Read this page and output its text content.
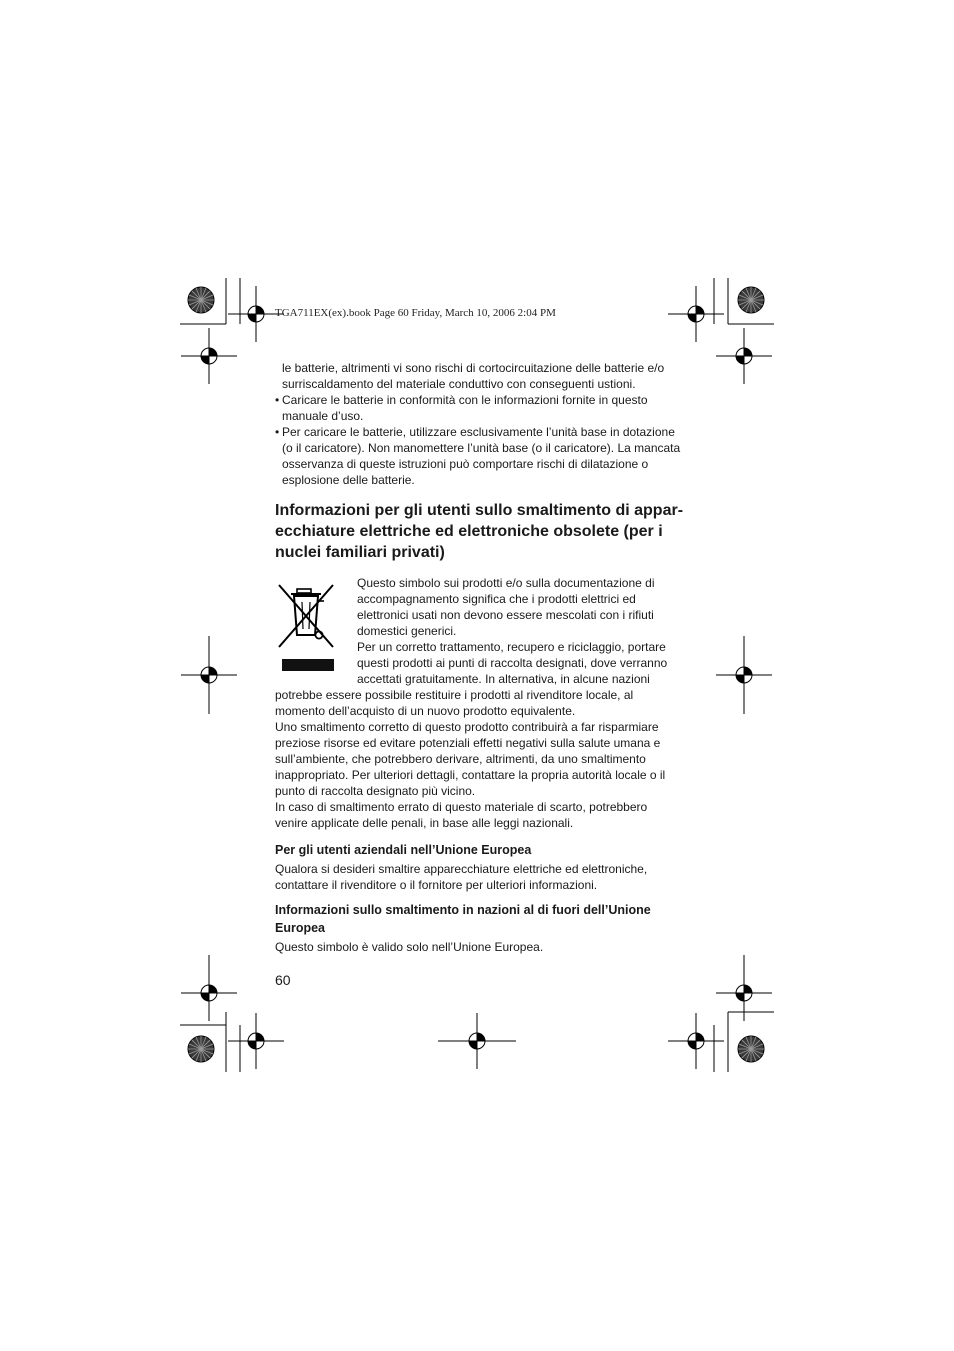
TGA711EX(ex).book Page 60 Friday, March 10, 2006 2:04 PM

le batterie, altrimenti vi sono rischi di cortocircuitazione delle batterie e/o
surriscaldamento del materiale conduttivo con conseguenti ustioni.

• Caricare le batterie in conformità con le informazioni fornite in questo
manuale d’uso.
• Per caricare le batterie, utilizzare esclusivamente l’unità base in dotazione
(o il caricatore). Non manomettere l’unità base (o il caricatore). La mancata
osservanza di queste istruzioni può comportare rischi di dilatazione o
esplosione delle batterie.
Informazioni per gli utenti sullo smaltimento di appar-
ecchiature elettriche ed elettroniche obsolete (per i
nuclei familiari privati)
Questo simbolo sui prodotti e/o sulla documentazione di
accompagnamento significa che i prodotti elettrici ed
elettronici usati non devono essere mescolati con i rifiuti
domestici generici.
Per un corretto trattamento, recupero e riciclaggio, portare
questi prodotti ai punti di raccolta designati, dove verranno
accettati gratuitamente. In alternativa, in alcune nazioni
potrebbe essere possibile restituire i prodotti al rivenditore locale, al
momento dell’acquisto di un nuovo prodotto equivalente.
Uno smaltimento corretto di questo prodotto contribuirà a far risparmiare
preziose risorse ed evitare potenziali effetti negativi sulla salute umana e
sull’ambiente, che potrebbero derivare, altrimenti, da uno smaltimento
inappropriato. Per ulteriori dettagli, contattare la propria autorità locale o il
punto di raccolta designato più vicino.
In caso di smaltimento errato di questo materiale di scarto, potrebbero
venire applicate delle penali, in base alle leggi nazionali.
Per gli utenti aziendali nell’Unione Europea

Qualora si desideri smaltire apparecchiature elettriche ed elettroniche,
contattare il rivenditore o il fornitore per ulteriori informazioni.

Informazioni sullo smaltimento in nazioni al di fuori dell’Unione
Europea

Questo simbolo è valido solo nell’Unione Europea.

60
